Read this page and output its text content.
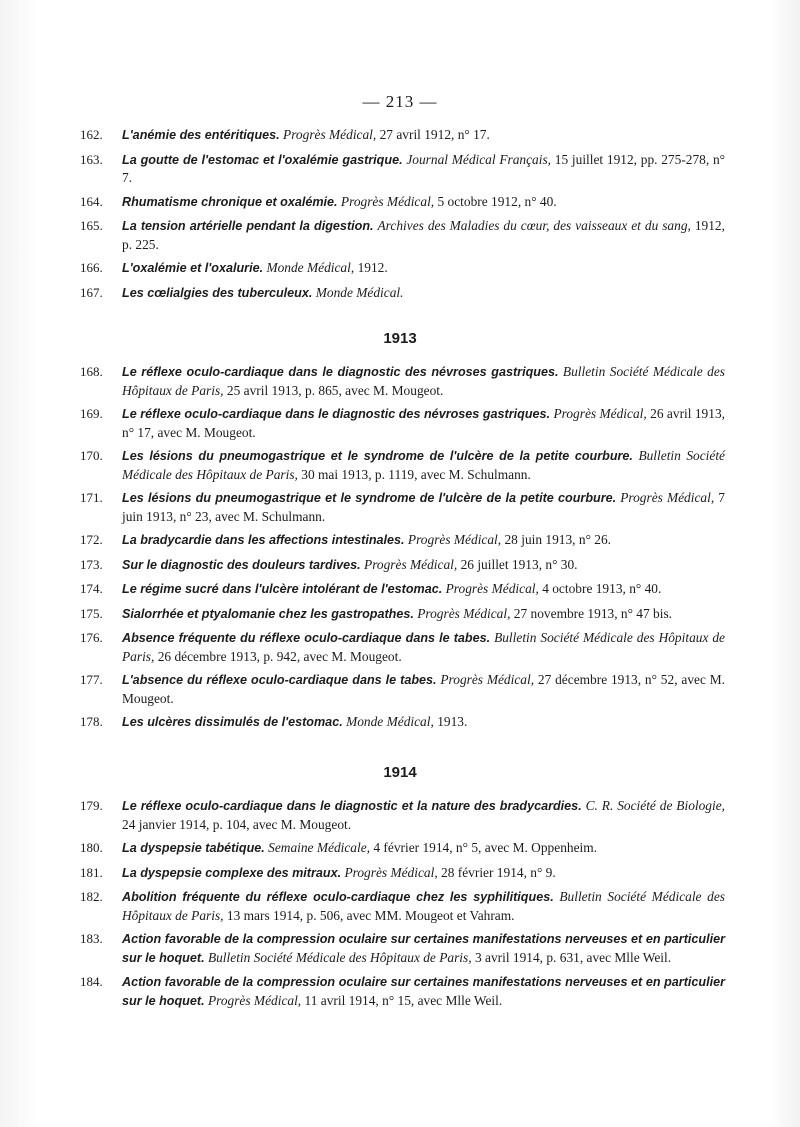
— 213 —
162. L'anémie des entéritiques. Progrès Médical, 27 avril 1912, n° 17.
163. La goutte de l'estomac et l'oxalémie gastrique. Journal Médical Français, 15 juillet 1912, pp. 275-278, n° 7.
164. Rhumatisme chronique et oxalémie. Progrès Médical, 5 octobre 1912, n° 40.
165. La tension artérielle pendant la digestion. Archives des Maladies du cœur, des vaisseaux et du sang, 1912, p. 225.
166. L'oxalémie et l'oxalurie. Monde Médical, 1912.
167. Les cœlialgies des tuberculeux. Monde Médical.
1913
168. Le réflexe oculo-cardiaque dans le diagnostic des névroses gastriques. Bulletin Société Médicale des Hôpitaux de Paris, 25 avril 1913, p. 865, avec M. Mougeot.
169. Le réflexe oculo-cardiaque dans le diagnostic des névroses gastriques. Progrès Médical, 26 avril 1913, n° 17, avec M. Mougeot.
170. Les lésions du pneumogastrique et le syndrome de l'ulcère de la petite courbure. Bulletin Société Médicale des Hôpitaux de Paris, 30 mai 1913, p. 1119, avec M. Schulmann.
171. Les lésions du pneumogastrique et le syndrome de l'ulcère de la petite courbure. Progrès Médical, 7 juin 1913, n° 23, avec M. Schulmann.
172. La bradycardie dans les affections intestinales. Progrès Médical, 28 juin 1913, n° 26.
173. Sur le diagnostic des douleurs tardives. Progrès Médical, 26 juillet 1913, n° 30.
174. Le régime sucré dans l'ulcère intolérant de l'estomac. Progrès Médical, 4 octobre 1913, n° 40.
175. Sialorrhée et ptyalomanie chez les gastropathes. Progrès Médical, 27 novembre 1913, n° 47 bis.
176. Absence fréquente du réflexe oculo-cardiaque dans le tabes. Bulletin Société Médicale des Hôpitaux de Paris, 26 décembre 1913, p. 942, avec M. Mougeot.
177. L'absence du réflexe oculo-cardiaque dans le tabes. Progrès Médical, 27 décembre 1913, n° 52, avec M. Mougeot.
178. Les ulcères dissimulés de l'estomac. Monde Médical, 1913.
1914
179. Le réflexe oculo-cardiaque dans le diagnostic et la nature des bradycardies. C. R. Société de Biologie, 24 janvier 1914, p. 104, avec M. Mougeot.
180. La dyspepsie tabétique. Semaine Médicale, 4 février 1914, n° 5, avec M. Oppenheim.
181. La dyspepsie complexe des mitraux. Progrès Médical, 28 février 1914, n° 9.
182. Abolition fréquente du réflexe oculo-cardiaque chez les syphilitiques. Bulletin Société Médicale des Hôpitaux de Paris, 13 mars 1914, p. 506, avec MM. Mougeot et Vahram.
183. Action favorable de la compression oculaire sur certaines manifestations nerveuses et en particulier sur le hoquet. Bulletin Société Médicale des Hôpitaux de Paris, 3 avril 1914, p. 631, avec Mlle Weil.
184. Action favorable de la compression oculaire sur certaines manifestations nerveuses et en particulier sur le hoquet. Progrès Médical, 11 avril 1914, n° 15, avec Mlle Weil.
